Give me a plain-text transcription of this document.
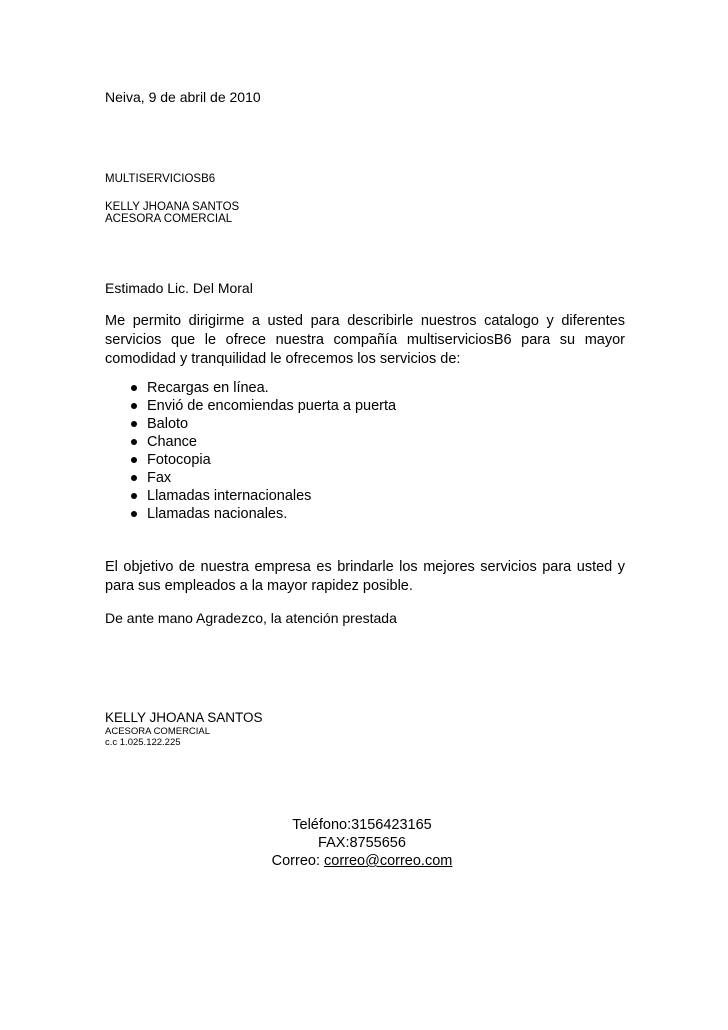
Neiva, 9 de abril de 2010
MULTISERVICIOSB6
KELLY JHOANA SANTOS
ACESORA COMERCIAL
Estimado Lic. Del Moral
Me permito dirigirme a usted para describirle nuestros catalogo y diferentes
servicios que le ofrece nuestra compañía multiserviciosB6 para su mayor
comodidad y tranquilidad le ofrecemos los servicios de:
Recargas en línea.
Envió de encomiendas puerta a puerta
Baloto
Chance
Fotocopia
Fax
Llamadas internacionales
Llamadas nacionales.
El objetivo de nuestra empresa es brindarle los mejores servicios para usted y
para sus empleados a la mayor rapidez posible.
De ante mano Agradezco, la atención prestada
KELLY JHOANA SANTOS
ACESORA COMERCIAL
c.c 1.025.122.225
Teléfono:3156423165
FAX:8755656
Correo: correo@correo.com
